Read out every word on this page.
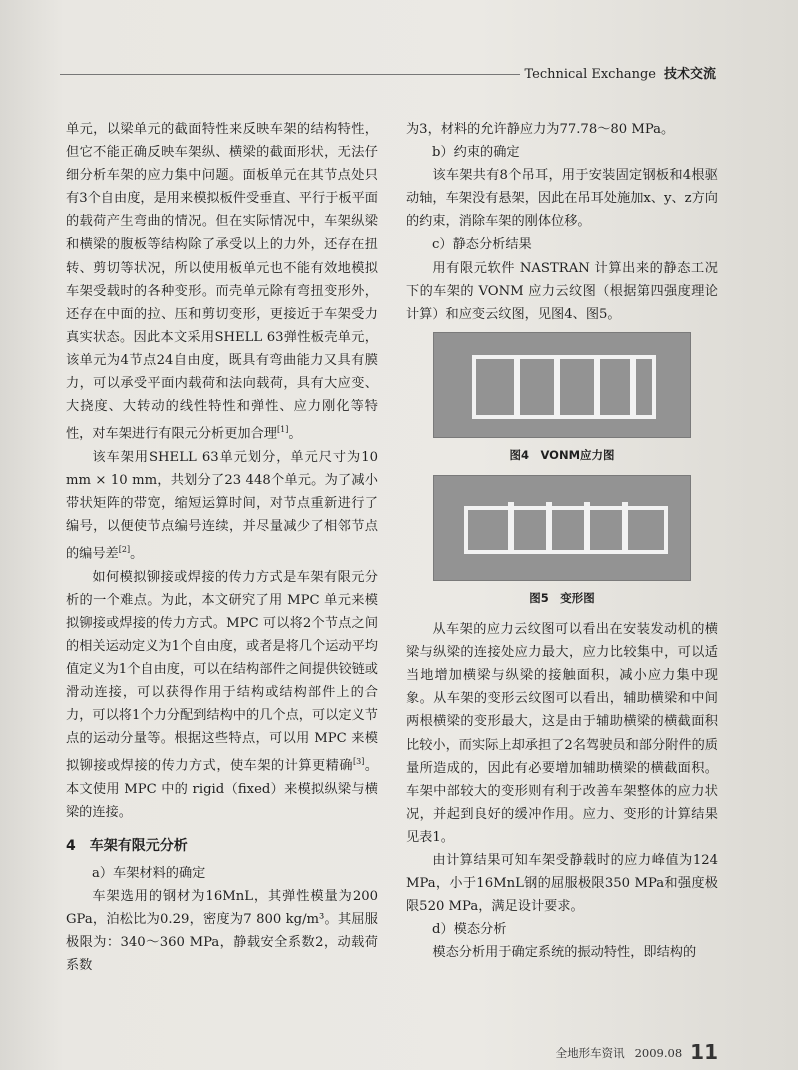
Technical Exchange 技术交流

单元，以梁单元的截面特性来反映车架的结构特性，但它不能正确反映车架纵、横梁的截面形状，无法仔细分析车架的应力集中问题。面板单元在其节点处只有3个自由度，是用来模拟板件受垂直、平行于板平面的载荷产生弯曲的情况。但在实际情况中，车架纵梁和横梁的腹板等结构除了承受以上的力外，还存在扭转、剪切等状况，所以使用板单元也不能有效地模拟车架受载时的各种变形。而壳单元除有弯扭变形外，还存在中面的拉、压和剪切变形，更接近于车架受力真实状态。因此本文采用SHELL 63弹性板壳单元，该单元为4节点24自由度，既具有弯曲能力又具有膜力，可以承受平面内载荷和法向载荷，具有大应变、大挠度、大转动的线性特性和弹性、应力刚化等特性，对车架进行有限元分析更加合理[1]。

该车架用SHELL 63单元划分，单元尺寸为10 mm × 10 mm，共划分了23 448个单元。为了减小带状矩阵的带宽，缩短运算时间，对节点重新进行了编号，以便使节点编号连续，并尽量减少了相邻节点的编号差[2]。

如何模拟铆接或焊接的传力方式是车架有限元分析的一个难点。为此，本文研究了用 MPC 单元来模拟铆接或焊接的传力方式。MPC 可以将2个节点之间的相关运动定义为1个自由度，或者是将几个运动平均值定义为1个自由度，可以在结构部件之间提供铰链或滑动连接，可以获得作用于结构或结构部件上的合力，可以将1个力分配到结构中的几个点，可以定义节点的运动分量等。根据这些特点，可以用 MPC 来模拟铆接或焊接的传力方式，使车架的计算更精确[3]。本文使用 MPC 中的 rigid（fixed）来模拟纵梁与横梁的连接。

4 车架有限元分析

a）车架材料的确定

车架选用的钢材为16MnL，其弹性模量为200 GPa，泊松比为0.29，密度为7 800 kg/m³。其屈服极限为：340～360 MPa，静载安全系数2，动载荷系数

为3，材料的允许静应力为77.78～80 MPa。

b）约束的确定

该车架共有8个吊耳，用于安装固定钢板和4根驱动轴，车架没有悬架，因此在吊耳处施加x、y、z方向的约束，消除车架的刚体位移。

c）静态分析结果

用有限元软件 NASTRAN 计算出来的静态工况下的车架的 VONM 应力云纹图（根据第四强度理论计算）和应变云纹图，见图4、图5。

图4　VONM应力图
图5　变形图

从车架的应力云纹图可以看出在安装发动机的横梁与纵梁的连接处应力最大，应力比较集中，可以适当地增加横梁与纵梁的接触面积，减小应力集中现象。从车架的变形云纹图可以看出，辅助横梁和中间两根横梁的变形最大，这是由于辅助横梁的横截面积比较小，而实际上却承担了2名驾驶员和部分附件的质量所造成的，因此有必要增加辅助横梁的横截面积。车架中部较大的变形则有利于改善车架整体的应力状况，并起到良好的缓冲作用。应力、变形的计算结果见表1。

由计算结果可知车架受静载时的应力峰值为124 MPa，小于16MnL钢的屈服极限350 MPa和强度极限520 MPa，满足设计要求。

d）模态分析

模态分析用于确定系统的振动特性，即结构的

全地形车资讯 2009.08 11
